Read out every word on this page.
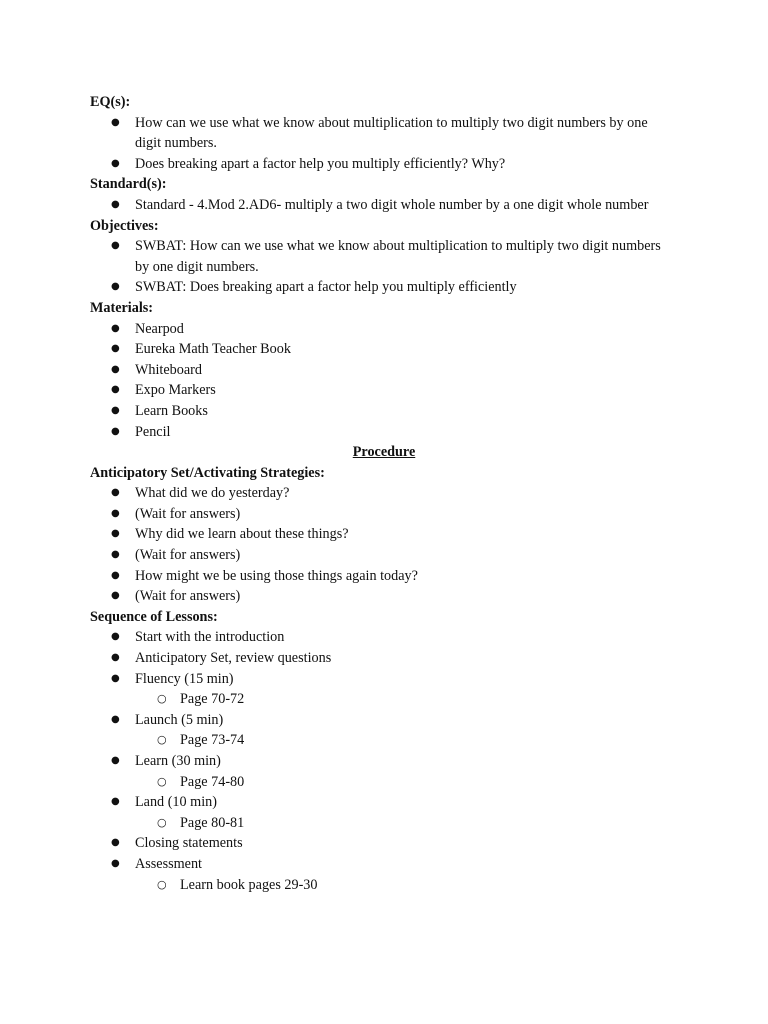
EQ(s):
● How can we use what we know about multiplication to multiply two digit numbers by one digit numbers.
● Does breaking apart a factor help you multiply efficiently? Why?
Standard(s):
● Standard - 4.Mod 2.AD6- multiply a two digit whole number by a one digit whole number
Objectives:
● SWBAT: How can we use what we know about multiplication to multiply two digit numbers by one digit numbers.
● SWBAT: Does breaking apart a factor help you multiply efficiently
Materials:
● Nearpod
● Eureka Math Teacher Book
● Whiteboard
● Expo Markers
● Learn Books
● Pencil
Procedure
Anticipatory Set/Activating Strategies:
● What did we do yesterday?
● (Wait for answers)
● Why did we learn about these things?
● (Wait for answers)
● How might we be using those things again today?
● (Wait for answers)
Sequence of Lessons:
● Start with the introduction
● Anticipatory Set, review questions
● Fluency (15 min)
○ Page 70-72
● Launch (5 min)
○ Page 73-74
● Learn (30 min)
○ Page 74-80
● Land (10 min)
○ Page 80-81
● Closing statements
● Assessment
○ Learn book pages 29-30
